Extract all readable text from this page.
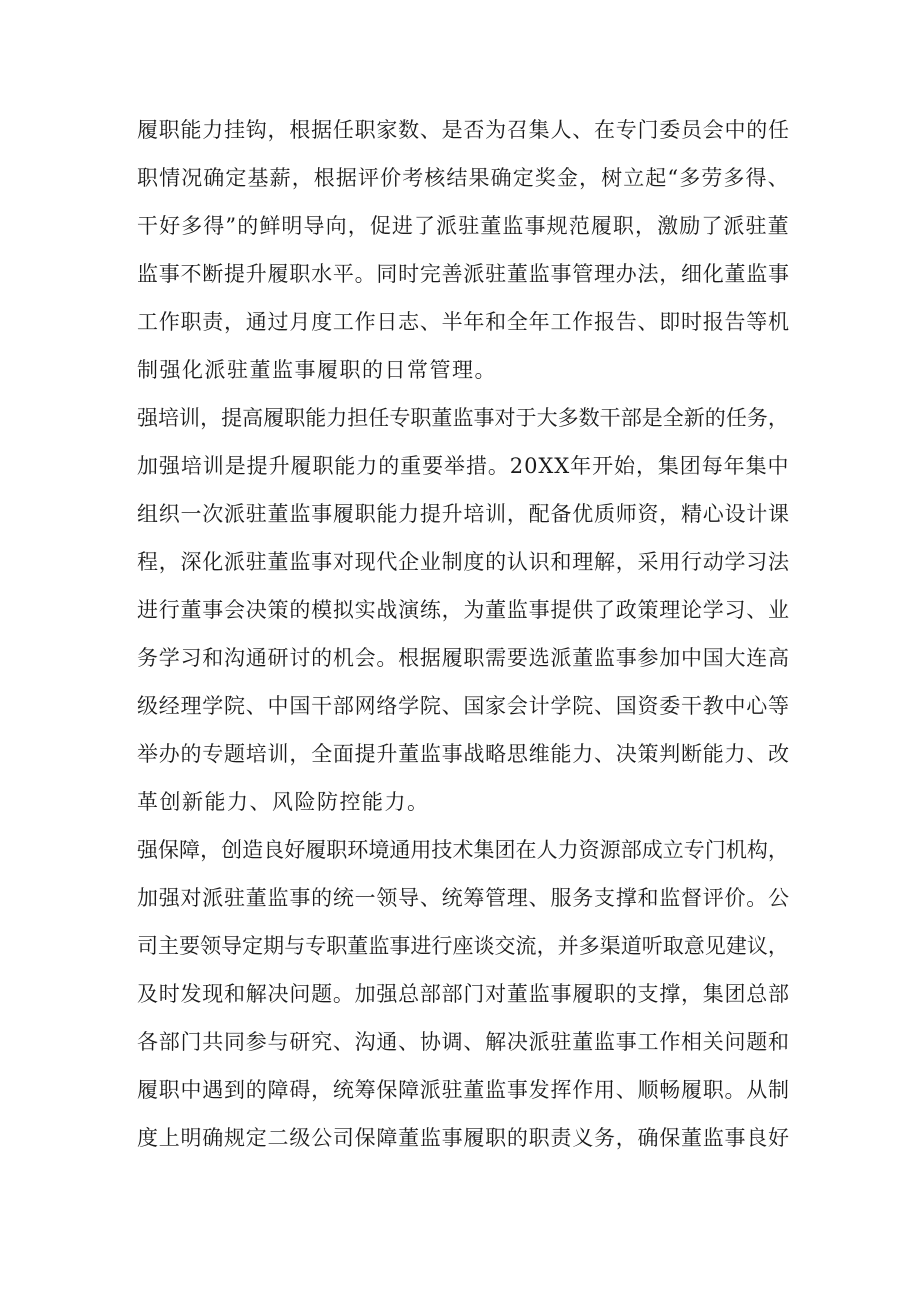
履职能力挂钩，根据任职家数、是否为召集人、在专门委员会中的任

职情况确定基薪，根据评价考核结果确定奖金，树立起“多劳多得、

干好多得”的鲜明导向，促进了派驻董监事规范履职，激励了派驻董

监事不断提升履职水平。同时完善派驻董监事管理办法，细化董监事

工作职责，通过月度工作日志、半年和全年工作报告、即时报告等机

制强化派驻董监事履职的日常管理。

强培训，提高履职能力担任专职董监事对于大多数干部是全新的任务，

加强培训是提升履职能力的重要举措。20XX年开始，集团每年集中

组织一次派驻董监事履职能力提升培训，配备优质师资，精心设计课

程，深化派驻董监事对现代企业制度的认识和理解，采用行动学习法

进行董事会决策的模拟实战演练，为董监事提供了政策理论学习、业

务学习和沟通研讨的机会。根据履职需要选派董监事参加中国大连高

级经理学院、中国干部网络学院、国家会计学院、国资委干教中心等

举办的专题培训，全面提升董监事战略思维能力、决策判断能力、改

革创新能力、风险防控能力。

强保障，创造良好履职环境通用技术集团在人力资源部成立专门机构，

加强对派驻董监事的统一领导、统筹管理、服务支撑和监督评价。公

司主要领导定期与专职董监事进行座谈交流，并多渠道听取意见建议，

及时发现和解决问题。加强总部部门对董监事履职的支撑，集团总部

各部门共同参与研究、沟通、协调、解决派驻董监事工作相关问题和

履职中遇到的障碍，统筹保障派驻董监事发挥作用、顺畅履职。从制

度上明确规定二级公司保障董监事履职的职责义务，确保董监事良好
